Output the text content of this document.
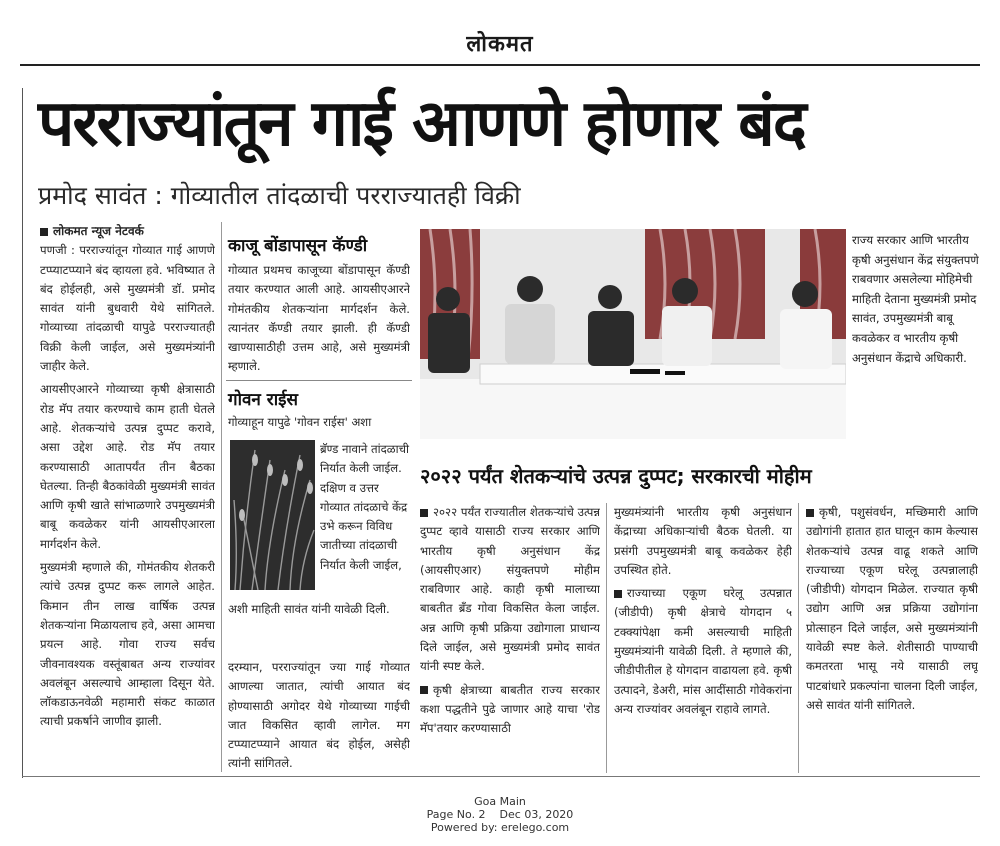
लोकमत
परराज्यांतून गाई आणणे होणार बंद
प्रमोद सावंत : गोव्यातील तांदळाची परराज्यातही विक्री
लोकमत न्यूज नेटवर्क

पणजी : परराज्यांतून गोव्यात गाई आणणे टप्प्याटप्प्याने बंद व्हायला हवे. भविष्यात ते बंद होईलही, असे मुख्यमंत्री डॉ. प्रमोद सावंत यांनी बुधवारी येथे सांगितले. गोव्याच्या तांदळाची यापुढे परराज्यातही विक्री केली जाईल, असे मुख्यमंत्र्यांनी जाहीर केले.

आयसीएआरने गोव्याच्या कृषी क्षेत्रासाठी रोड मॅप तयार करण्याचे काम हाती घेतले आहे. शेतकऱ्यांचे उत्पन्न दुप्पट करावे, असा उद्देश आहे. रोड मॅप तयार करण्यासाठी आतापर्यंत तीन बैठका घेतल्या. तिन्ही बैठकांवेळी मुख्यमंत्री सावंत आणि कृषी खाते सांभाळणारे उपमुख्यमंत्री बाबू कवळेकर यांनी आयसीएआरला मार्गदर्शन केले.

मुख्यमंत्री म्हणाले की, गोमंतकीय शेतकरी त्यांचे उत्पन्न दुप्पट करू लागले आहेत. किमान तीन लाख वार्षिक उत्पन्न शेतकऱ्यांना मिळायलाच हवे, असा आमचा प्रयत्न आहे. गोवा राज्य सर्वच जीवनावश्यक वस्तूंबाबत अन्य राज्यांवर अवलंबून असल्याचे आम्हाला दिसून येते. लॉकडाऊनवेळी महामारी संकट काळात त्याची प्रकर्षाने जाणीव झाली.

काजू बोंडापासून कॅण्डी
गोव्यात प्रथमच काजूच्या बोंडापासून कॅण्डी तयार करण्यात आली आहे. आयसीएआरने गोमंतकीय शेतकऱ्यांना मार्गदर्शन केले. त्यानंतर कॅण्डी तयार झाली. ही कॅण्डी खाण्यासाठीही उत्तम आहे, असे मुख्यमंत्री म्हणाले.
गोवन राईस
गोव्याहून यापुढे 'गोवन राईस' अशा
ब्रॅण्ड नावाने तांदळाची निर्यात केली जाईल. दक्षिण व उत्तर गोव्यात तांदळाचे केंद्र उभे करून विविध जातीच्या तांदळाची निर्यात केली जाईल,
अशी माहिती सावंत यांनी यावेळी दिली.
दरम्यान, परराज्यांतून ज्या गाई गोव्यात आणल्या जातात, त्यांची आयात बंद होण्यासाठी अगोदर येथे गोव्याच्या गाईची जात विकसित व्हावी लागेल. मग टप्प्याटप्प्याने आयात बंद होईल, असेही त्यांनी सांगितले.
राज्य सरकार आणि भारतीय कृषी अनुसंधान केंद्र संयुक्तपणे राबवणार असलेल्या मोहिमेची माहिती देताना मुख्यमंत्री प्रमोद सावंत, उपमुख्यमंत्री बाबू कवळेकर व भारतीय कृषी अनुसंधान केंद्राचे अधिकारी.
२०२२ पर्यंत शेतकऱ्यांचे उत्पन्न दुप्पट; सरकारची मोहीम

२०२२ पर्यंत राज्यातील शेतकऱ्यांचे उत्पन्न दुप्पट व्हावे यासाठी राज्य सरकार आणि भारतीय कृषी अनुसंधान केंद्र (आयसीएआर) संयुक्तपणे मोहीम राबविणार आहे. काही कृषी मालाच्या बाबतीत ब्रँड गोवा विकसित केला जाईल. अन्न आणि कृषी प्रक्रिया उद्योगाला प्राधान्य दिले जाईल, असे मुख्यमंत्री प्रमोद सावंत यांनी स्पष्ट केले.

कृषी क्षेत्राच्या बाबतीत राज्य सरकार कशा पद्धतीने पुढे जाणार आहे याचा 'रोड मॅप'तयार करण्यासाठी

मुख्यमंत्र्यांनी भारतीय कृषी अनुसंधान केंद्राच्या अधिकाऱ्यांची बैठक घेतली. या प्रसंगी उपमुख्यमंत्री बाबू कवळेकर हेही उपस्थित होते.

राज्याच्या एकूण घरेलू उत्पन्नात (जीडीपी) कृषी क्षेत्राचे योगदान ५ टक्क्यांपेक्षा कमी असल्याची माहिती मुख्यमंत्र्यांनी यावेळी दिली. ते म्हणाले की, जीडीपीतील हे योगदान वाढायला हवे. कृषी उत्पादने, डेअरी, मांस आदींसाठी गोवेकरांना अन्य राज्यांवर अवलंबून राहावे लागते.

कृषी, पशुसंवर्धन, मच्छिमारी आणि उद्योगांनी हातात हात घालून काम केल्यास शेतकऱ्यांचे उत्पन्न वाढू शकते आणि राज्याच्या एकूण घरेलू उत्पन्नालाही (जीडीपी) योगदान मिळेल. राज्यात कृषी उद्योग आणि अन्न प्रक्रिया उद्योगांना प्रोत्साहन दिले जाईल, असे मुख्यमंत्र्यांनी यावेळी स्पष्ट केले. शेतीसाठी पाण्याची कमतरता भासू नये यासाठी लघू पाटबांधारे प्रकल्पांना चालना दिली जाईल, असे सावंत यांनी सांगितले.

Goa Main
Page No. 2    Dec 03, 2020
Powered by: erelego.com
